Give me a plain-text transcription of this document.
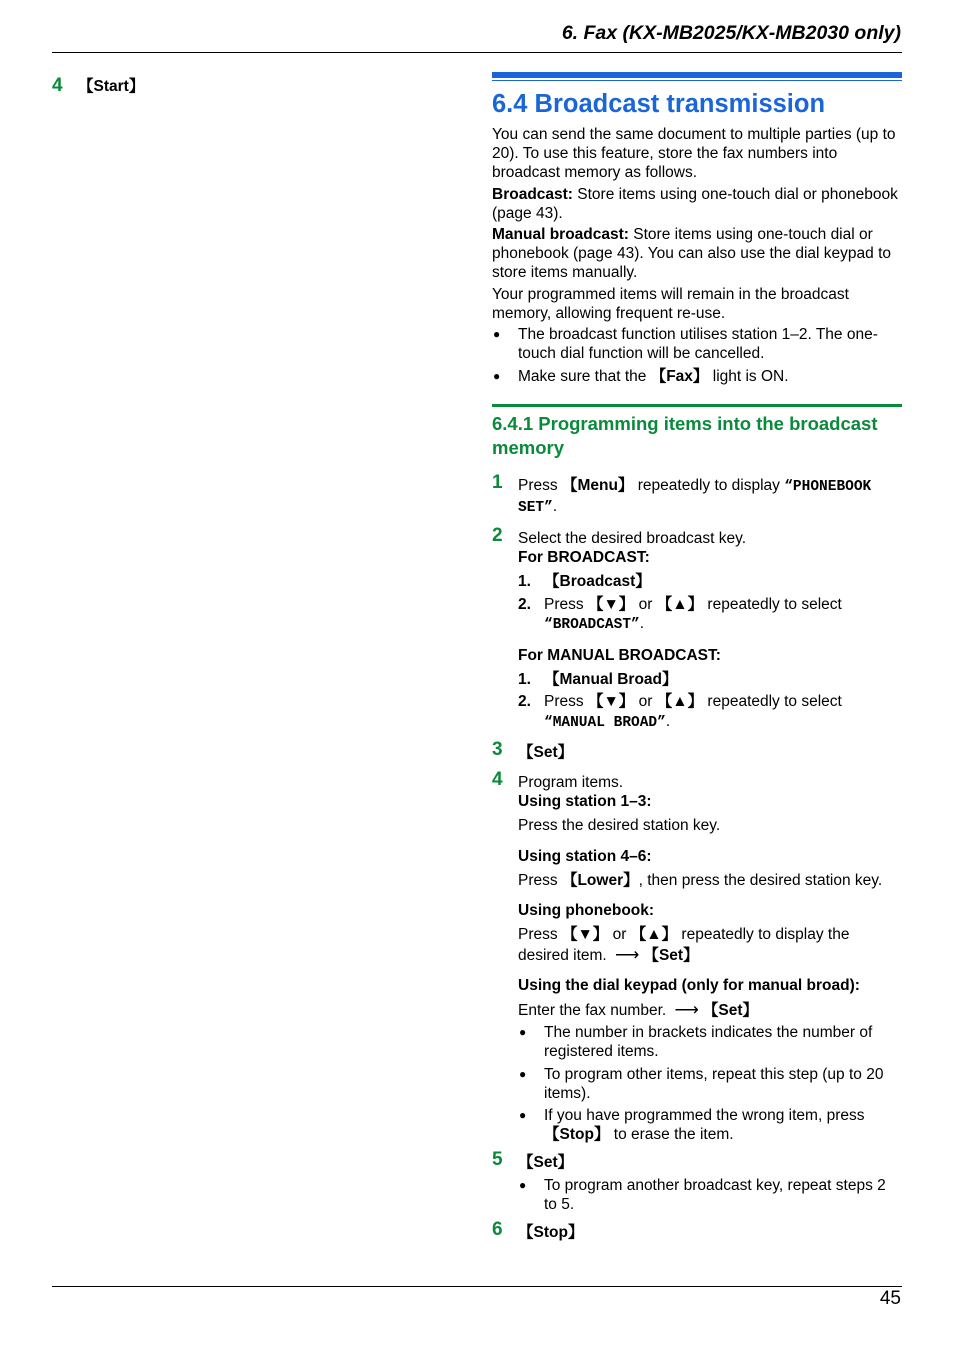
6. Fax (KX-MB2025/KX-MB2030 only)
4 【 Start 】
6.4 Broadcast transmission
You can send the same document to multiple parties (up to 20). To use this feature, store the fax numbers into broadcast memory as follows.
Broadcast: Store items using one-touch dial or phonebook (page 43).
Manual broadcast: Store items using one-touch dial or phonebook (page 43). You can also use the dial keypad to store items manually.
Your programmed items will remain in the broadcast memory, allowing frequent re-use.
● The broadcast function utilises station 1–2. The one-touch dial function will be cancelled.
● Make sure that the 【 Fax 】 light is ON.
6.4.1 Programming items into the broadcast memory
1 Press 【 Menu 】 repeatedly to display “PHONEBOOK SET”.
2 Select the desired broadcast key.
For BROADCAST:
1. 【 Broadcast 】
2. Press 【 ▼ 】 or 【 ▲ 】 repeatedly to select “BROADCAST”.
For MANUAL BROADCAST:
1. 【 Manual Broad 】
2. Press 【 ▼ 】 or 【 ▲ 】 repeatedly to select “MANUAL BROAD”.
3	【 Set 】
4 Program items.
Using station 1–3:
Press the desired station key.
Using station 4–6:
Press 【 Lower 】 , then press the desired station key.
Using phonebook:
Press 【 ▼ 】 or 【 ▲ 】 repeatedly to display the desired item. ⟶ 【 Set 】
Using the dial keypad (only for manual broad):
Enter the fax number. ⟶ 【 Set 】
● The number in brackets indicates the number of registered items.
● To program other items, repeat this step (up to 20 items).
● If you have programmed the wrong item, press 【 Stop 】 to erase the item.
5	【 Set 】
● To program another broadcast key, repeat steps 2 to 5.
6	【 Stop 】
45
